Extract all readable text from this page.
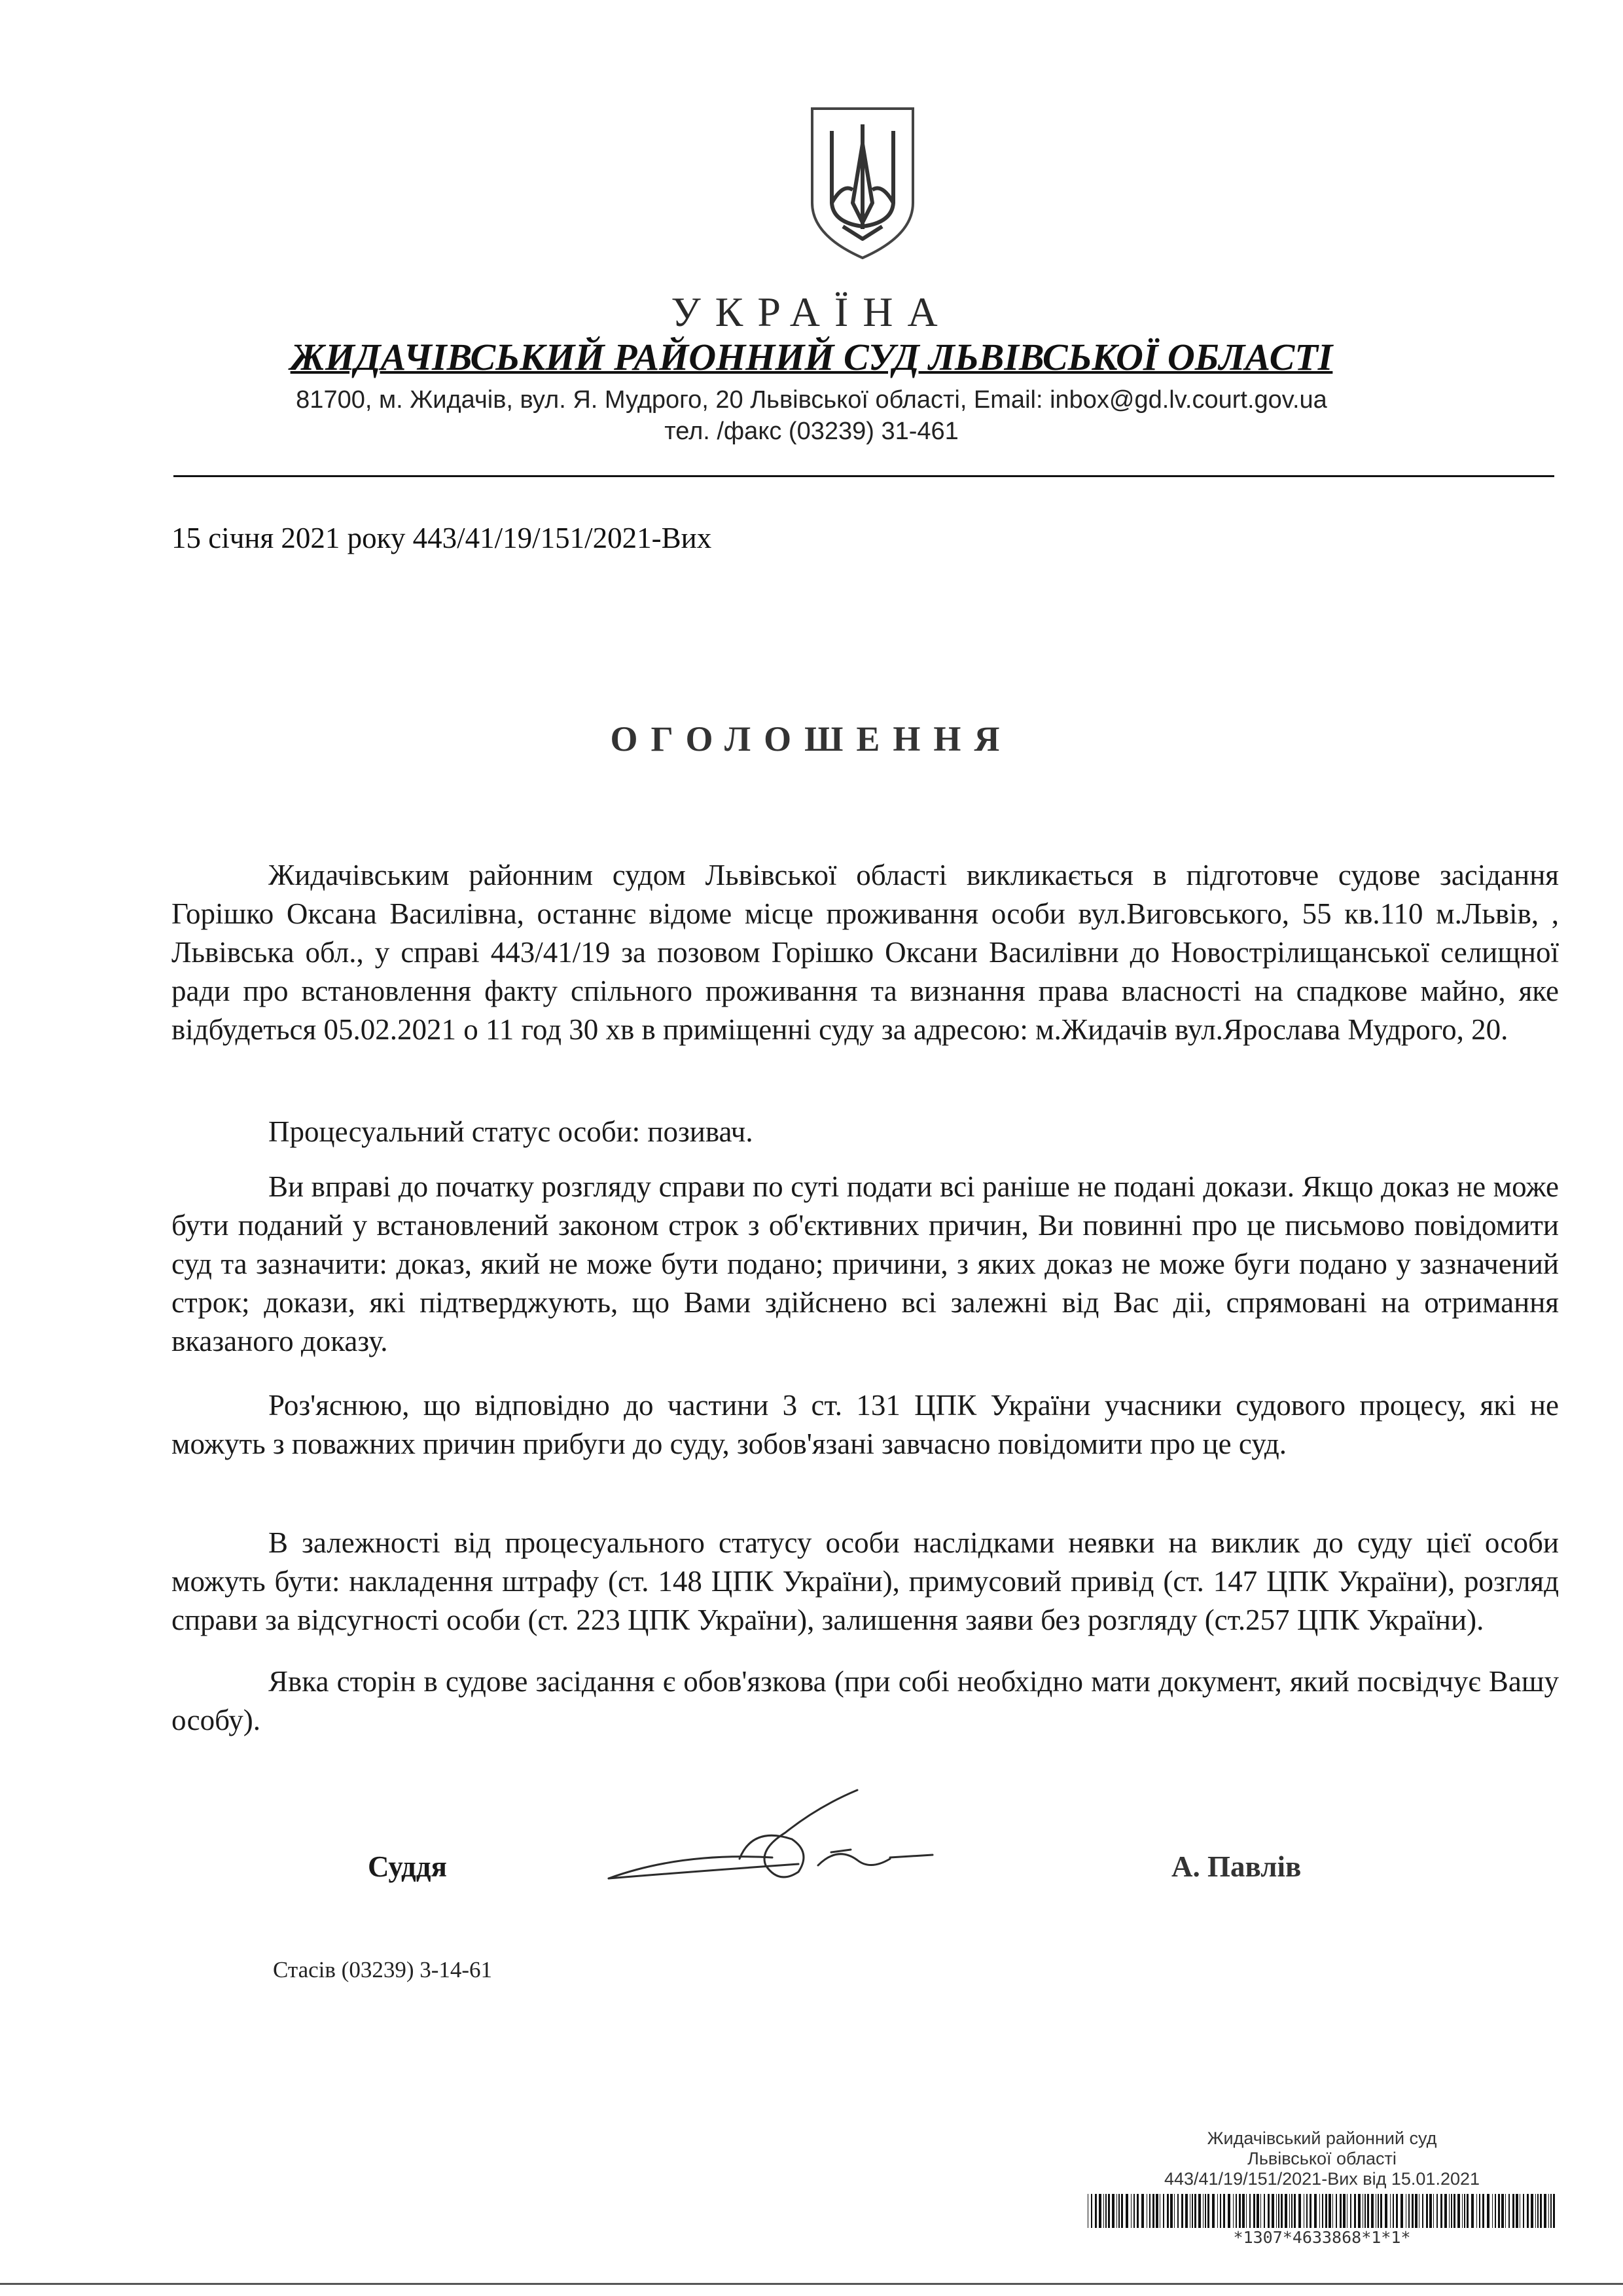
УКРАЇНА
ЖИДАЧІВСЬКИЙ РАЙОННИЙ СУД ЛЬВІВСЬКОЇ ОБЛАСТІ
81700, м. Жидачів, вул. Я. Мудрого, 20 Львівської області, Email: inbox@gd.lv.court.gov.ua
тел. /факс (03239) 31-461
15 січня 2021 року 443/41/19/151/2021-Вих
ОГОЛОШЕННЯ
Жидачівським районним судом Львівської області викликається в підготовче судове засідання Горішко Оксана Василівна, останнє відоме місце проживання особи вул.Виговського, 55 кв.110 м.Львів, , Львівська обл., у справі 443/41/19 за позовом Горішко Оксани Василівни до Новострілищанської селищної ради про встановлення факту спільного проживання та визнання права власності на спадкове майно, яке відбудеться 05.02.2021 о 11 год 30 хв в приміщенні суду за адресою: м.Жидачів вул.Ярослава Мудрого, 20.
Процесуальний статус особи: позивач.
Ви вправі до початку розгляду справи по суті подати всі раніше не подані докази. Якщо доказ не може бути поданий у встановлений законом строк з об'єктивних причин, Ви повинні про це письмово повідомити суд та зазначити: доказ, який не може бути подано; причини, з яких доказ не може буги подано у зазначений строк; докази, які підтверджують, що Вами здійснено всі залежні від Вас діі, спрямовані на отримання вказаного доказу.
Роз'яснюю, що відповідно до частини 3 ст. 131 ЦПК України учасники судового процесу, які не можуть з поважних причин прибуги до суду, зобов'язані завчасно повідомити про це суд.
В залежності від процесуального статусу особи наслідками неявки на виклик до суду цієї особи можуть бути: накладення штрафу (ст. 148 ЦПК України), примусовий привід (ст. 147 ЦПК України), розгляд справи за відсугності особи (ст. 223 ЦПК України), залишення заяви без розгляду (ст.257 ЦПК України).
Явка сторін в судове засідання є обов'язкова (при собі необхідно мати документ, який посвідчує Вашу особу).
Суддя	А. Павлів
Стасів (03239) 3-14-61
Жидачівський районний суд
Львівської області
443/41/19/151/2021-Вих від 15.01.2021
*1307*4633868*1*1*
